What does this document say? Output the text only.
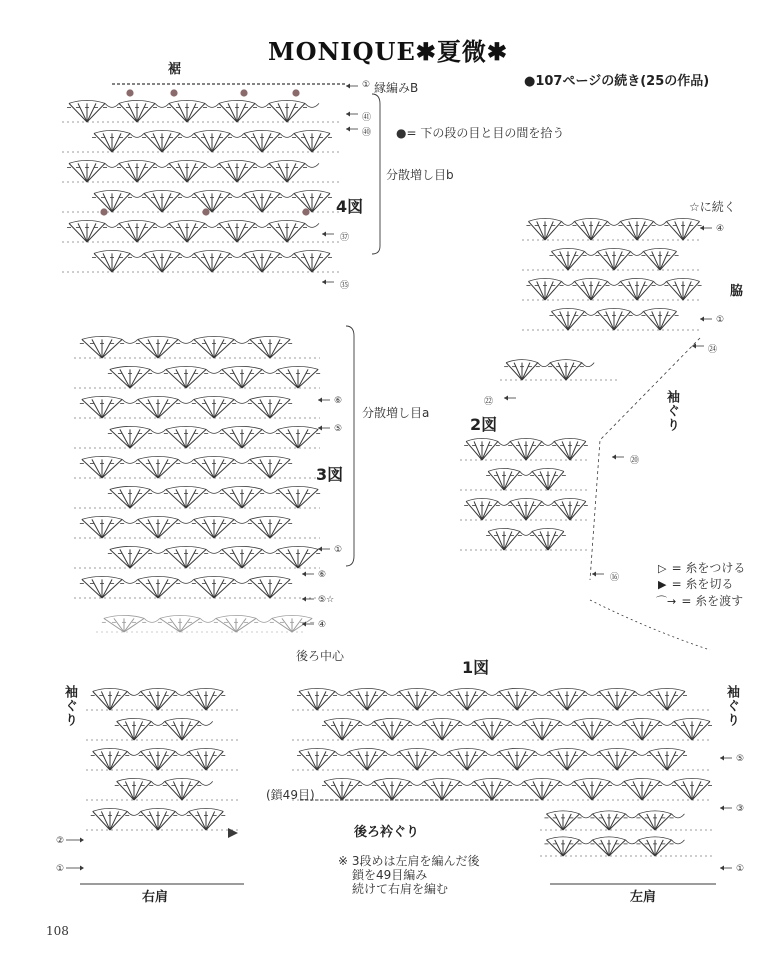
MONIQUE✱夏微✱
●107ページの続き(25の作品)
裾
縁編みB
●= 下の段の目と目の間を拾う
分散増し目b
4図
分散増し目a
3図
☆に続く
脇
袖ぐり
2図
▷ = 糸をつける
▶ = 糸を切る
⌒→ = 糸を渡す
後ろ中心
1図
袖ぐり	袖ぐり
(鎖49目)
後ろ衿ぐり
※ 3段めは左肩を編んだ後
鎖を49目編み
続けて右肩を編む
右肩	左肩
①
㊶
㊵
㊲
㉟
⑥
⑤
①
⑥
⑤☆
④
④
①
㉔
㉒
⑳
⑯
⑤
③
①
②
①
108
